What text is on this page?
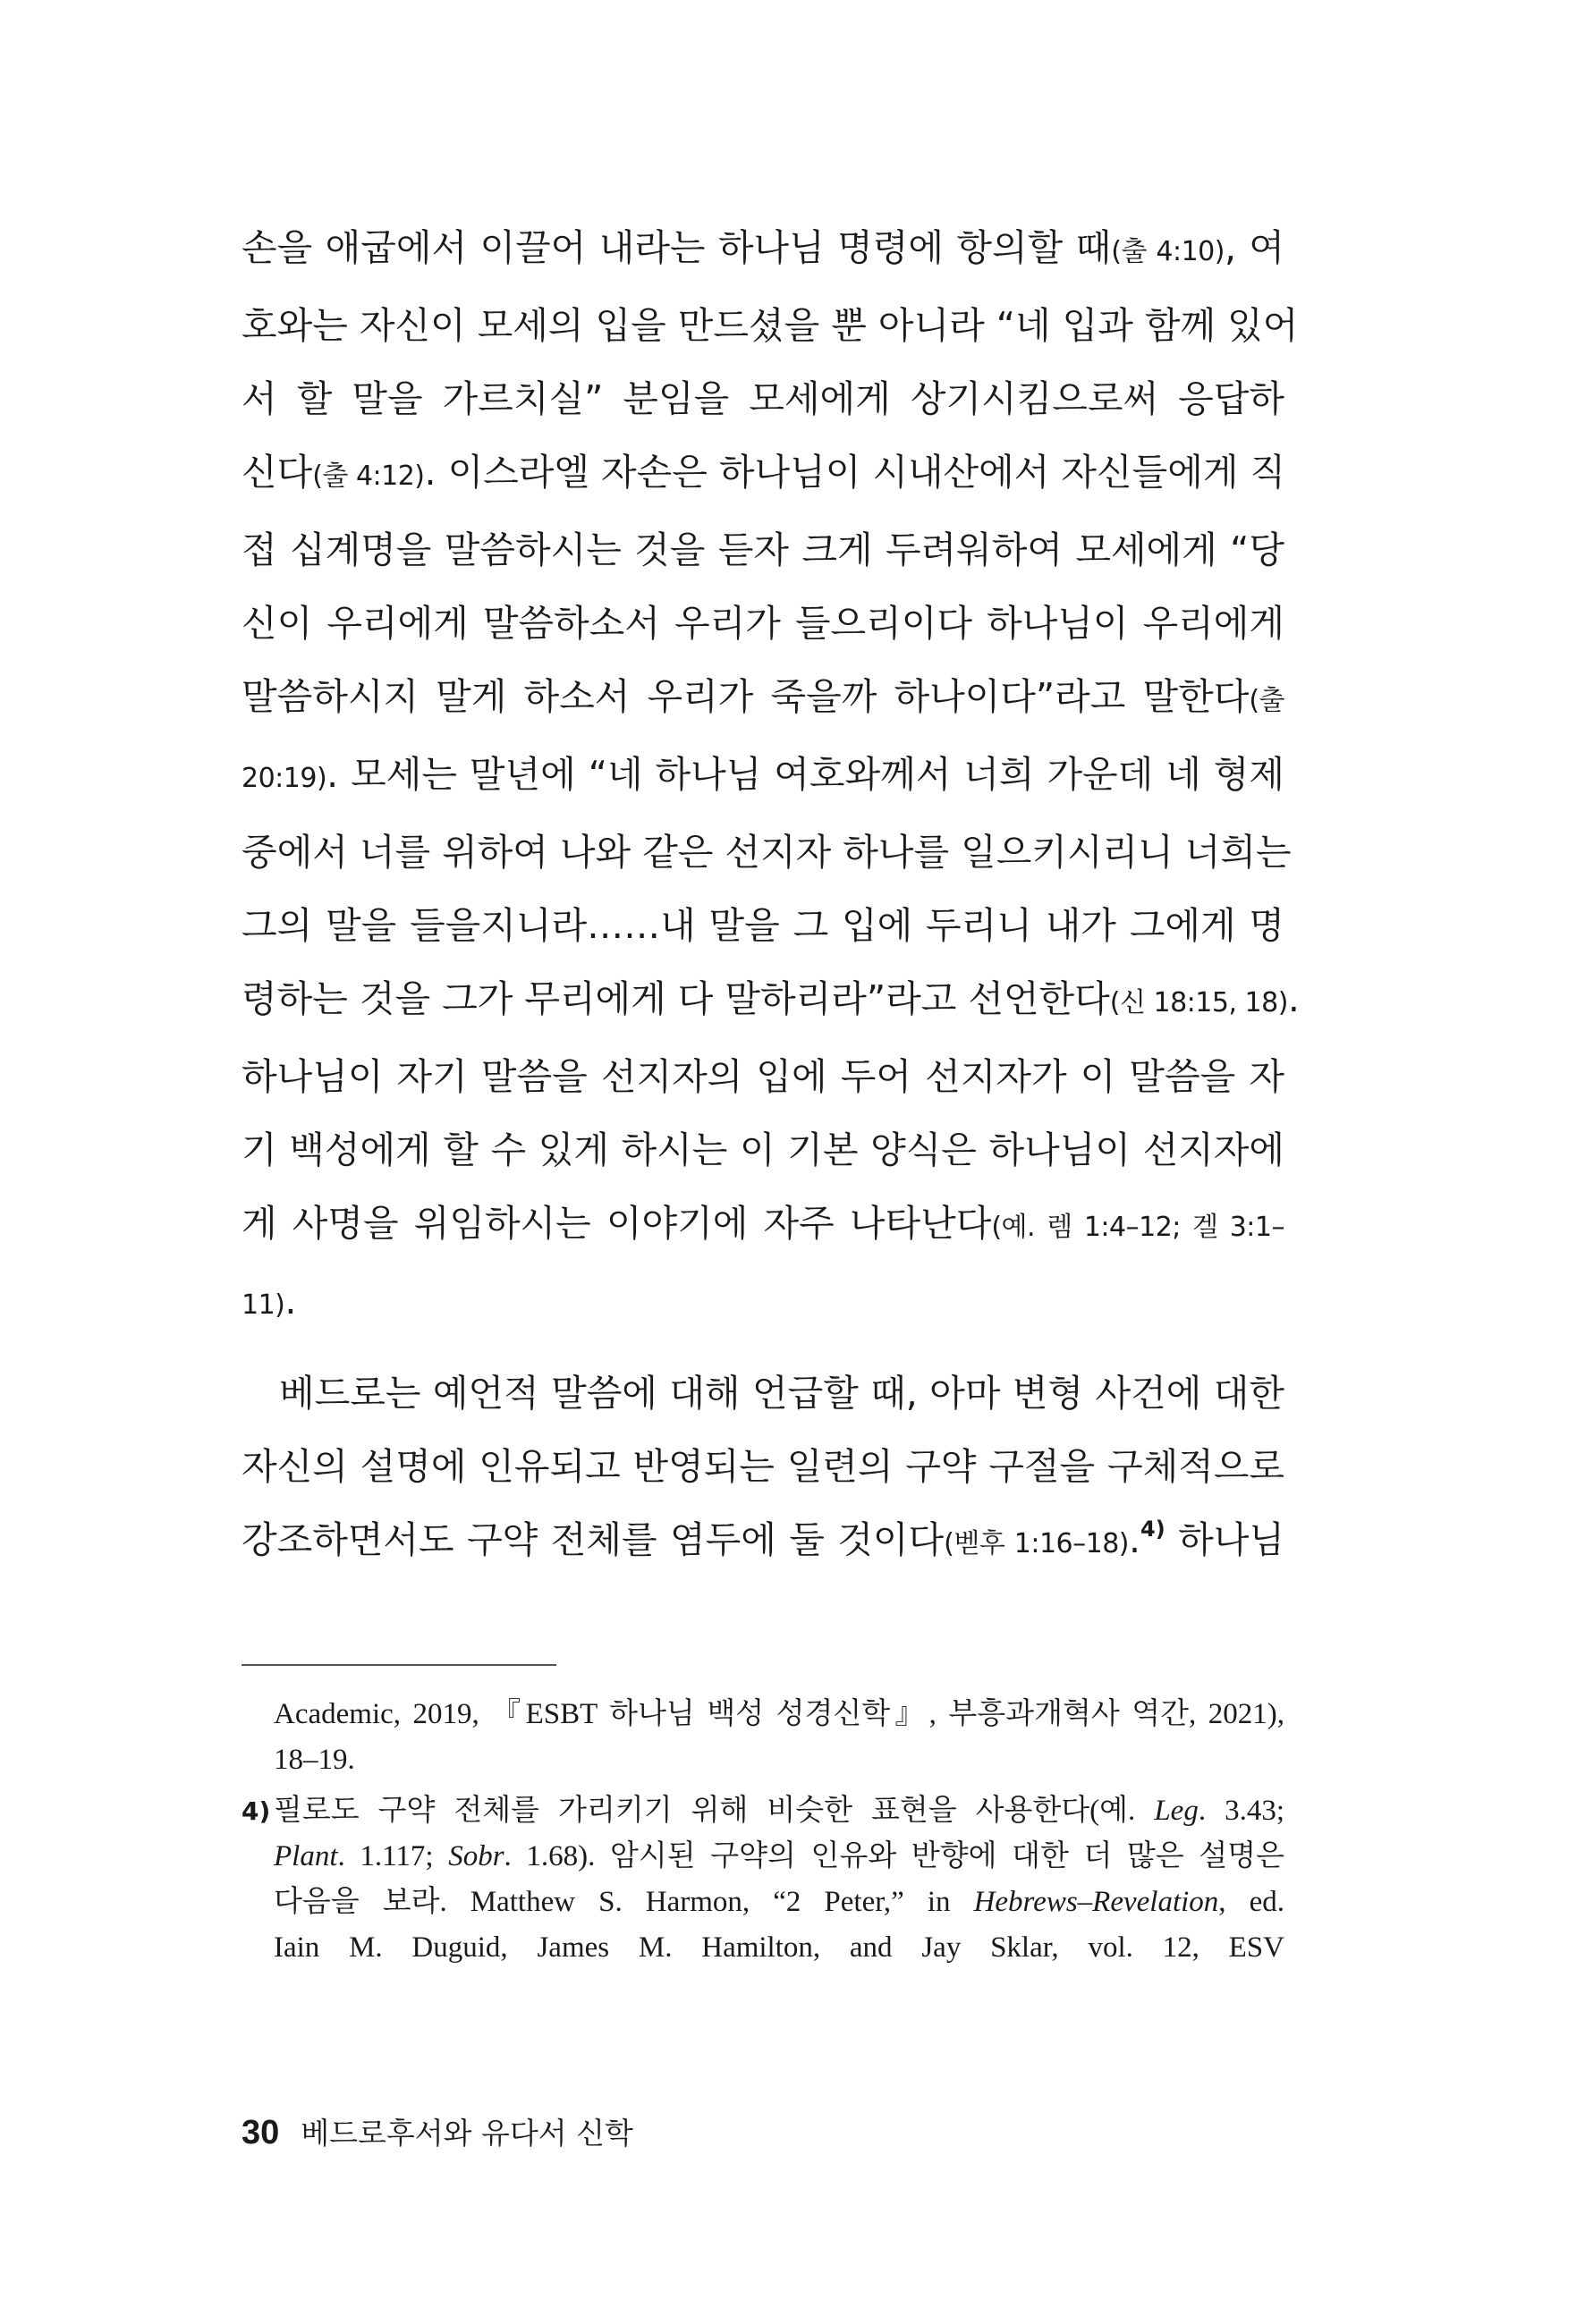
손을 애굽에서 이끌어 내라는 하나님 명령에 항의할 때(출 4:10), 여
호와는 자신이 모세의 입을 만드셨을 뿐 아니라 “네 입과 함께 있어
서 할 말을 가르치실” 분임을 모세에게 상기시킴으로써 응답하
신다(출 4:12). 이스라엘 자손은 하나님이 시내산에서 자신들에게 직
접 십계명을 말씀하시는 것을 듣자 크게 두려워하여 모세에게 “당
신이 우리에게 말씀하소서 우리가 들으리이다 하나님이 우리에게
말씀하시지 말게 하소서 우리가 죽을까 하나이다”라고 말한다(출
20:19). 모세는 말년에 “네 하나님 여호와께서 너희 가운데 네 형제
중에서 너를 위하여 나와 같은 선지자 하나를 일으키시리니 너희는
그의 말을 들을지니라……내 말을 그 입에 두리니 내가 그에게 명
령하는 것을 그가 무리에게 다 말하리라”라고 선언한다(신 18:15, 18).
하나님이 자기 말씀을 선지자의 입에 두어 선지자가 이 말씀을 자
기 백성에게 할 수 있게 하시는 이 기본 양식은 하나님이 선지자에
게 사명을 위임하시는 이야기에 자주 나타난다(예. 렘 1:4–12; 겔 3:1–
11).
베드로는 예언적 말씀에 대해 언급할 때, 아마 변형 사건에 대한
자신의 설명에 인유되고 반영되는 일련의 구약 구절을 구체적으로
강조하면서도 구약 전체를 염두에 둘 것이다(벧후 1:16–18).$^{4)}$ 하나님
Academic, 2019, 『ESBT 하나님 백성 성경신학』, 부흥과개혁사 역간, 2021),
18–19.
4) 필로도 구약 전체를 가리키기 위해 비슷한 표현을 사용한다(예. Leg. 3.43;
Plant. 1.117; Sobr. 1.68). 암시된 구약의 인유와 반향에 대한 더 많은 설명은
다음을 보라. Matthew S. Harmon, “2 Peter,” in Hebrews–Revelation, ed.
Iain M. Duguid, James M. Hamilton, and Jay Sklar, vol. 12, ESV
30 베드로후서와 유다서 신학
